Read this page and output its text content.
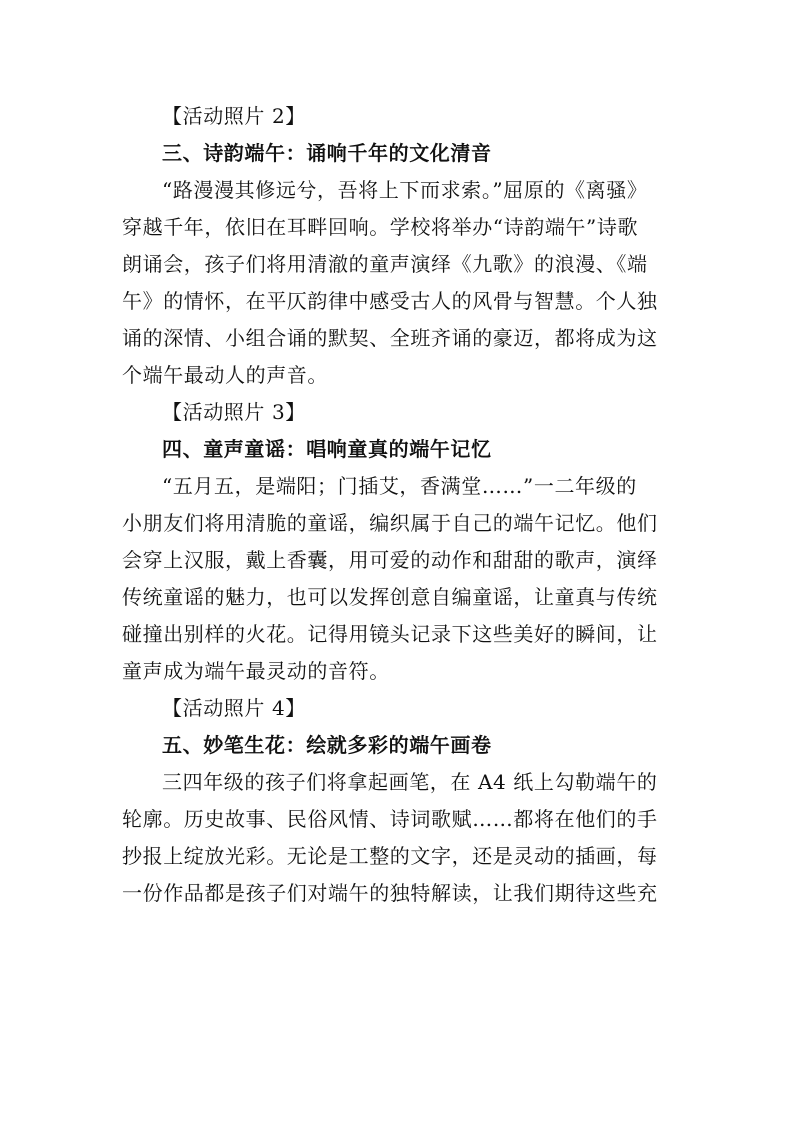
【活动照片 2】
三、诗韵端午：诵响千年的文化清音
“路漫漫其修远兮，吾将上下而求索。”屈原的《离骚》
穿越千年，依旧在耳畔回响。学校将举办“诗韵端午”诗歌
朗诵会，孩子们将用清澈的童声演绎《九歌》的浪漫、《端
午》的情怀，在平仄韵律中感受古人的风骨与智慧。个人独
诵的深情、小组合诵的默契、全班齐诵的豪迈，都将成为这
个端午最动人的声音。
【活动照片 3】
四、童声童谣：唱响童真的端午记忆
“五月五，是端阳；门插艾，香满堂……”一二年级的
小朋友们将用清脆的童谣，编织属于自己的端午记忆。他们
会穿上汉服，戴上香囊，用可爱的动作和甜甜的歌声，演绎
传统童谣的魅力，也可以发挥创意自编童谣，让童真与传统
碰撞出别样的火花。记得用镜头记录下这些美好的瞬间，让
童声成为端午最灵动的音符。
【活动照片 4】
五、妙笔生花：绘就多彩的端午画卷
三四年级的孩子们将拿起画笔，在 A4 纸上勾勒端午的
轮廓。历史故事、民俗风情、诗词歌赋……都将在他们的手
抄报上绽放光彩。无论是工整的文字，还是灵动的插画，每
一份作品都是孩子们对端午的独特解读，让我们期待这些充
